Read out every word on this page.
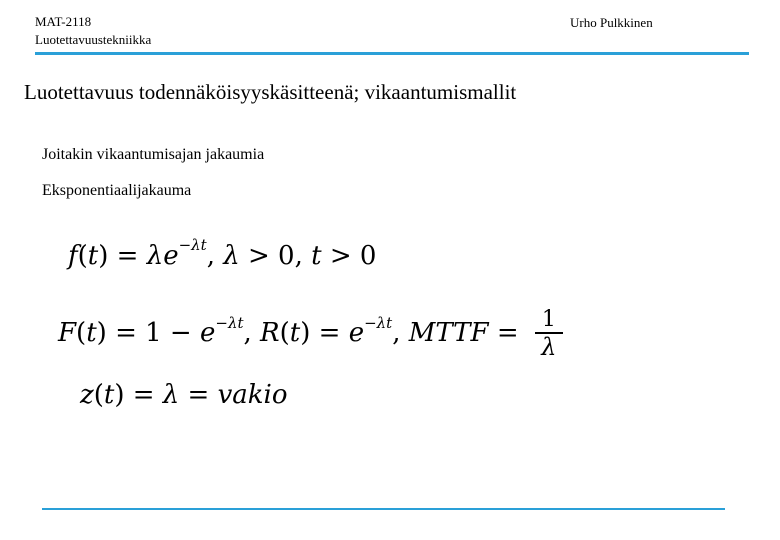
MAT-2118
Luotettavuustekniikka
Urho Pulkkinen
Luotettavuus todennäköisyyskäsitteenä; vikaantumismallit
Joitakin vikaantumisajan jakaumia
Eksponentiaalijakauma
$f(t) = \lambda e^{-\lambda t}$, λ > 0, t > 0
$F(t) = 1 - e^{-\lambda t}$, $R(t) = e^{-\lambda t}$, MTTF = $\frac{1}{\lambda}$
z(t) = λ = vakio
